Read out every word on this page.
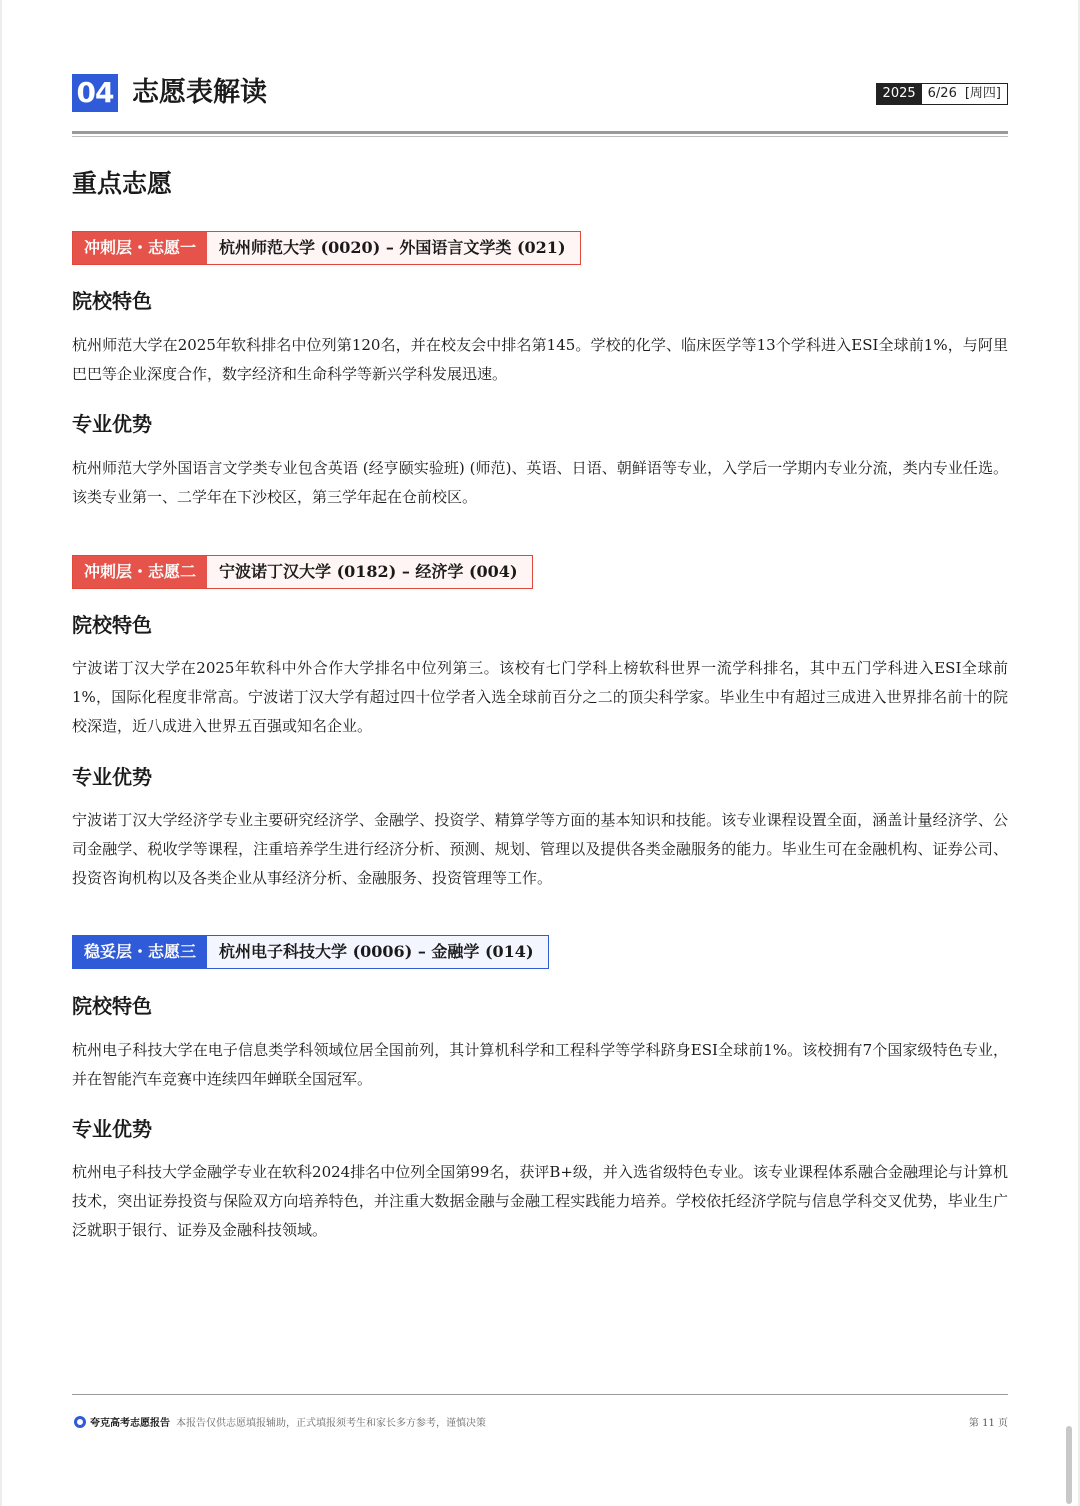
04 志愿表解读	2025 6/26 [周四]
重点志愿
冲刺层・志愿一	杭州师范大学 (0020) – 外国语言文学类 (021)
院校特色

杭州师范大学在2025年软科排名中位列第120名，并在校友会中排名第145。学校的化学、临床医学等13个学科进入ESI全球前1%，与阿里巴巴等企业深度合作，数字经济和生命科学等新兴学科发展迅速。

专业优势

杭州师范大学外国语言文学类专业包含英语 (经亨颐实验班) (师范)、英语、日语、朝鲜语等专业，入学后一学期内专业分流，类内专业任选。该类专业第一、二学年在下沙校区，第三学年起在仓前校区。

冲刺层・志愿二	宁波诺丁汉大学 (0182) – 经济学 (004)
院校特色

宁波诺丁汉大学在2025年软科中外合作大学排名中位列第三。该校有七门学科上榜软科世界一流学科排名，其中五门学科进入ESI全球前1%，国际化程度非常高。宁波诺丁汉大学有超过四十位学者入选全球前百分之二的顶尖科学家。毕业生中有超过三成进入世界排名前十的院校深造，近八成进入世界五百强或知名企业。

专业优势

宁波诺丁汉大学经济学专业主要研究经济学、金融学、投资学、精算学等方面的基本知识和技能。该专业课程设置全面，涵盖计量经济学、公司金融学、税收学等课程，注重培养学生进行经济分析、预测、规划、管理以及提供各类金融服务的能力。毕业生可在金融机构、证券公司、投资咨询机构以及各类企业从事经济分析、金融服务、投资管理等工作。

稳妥层・志愿三	杭州电子科技大学 (0006) – 金融学 (014)
院校特色

杭州电子科技大学在电子信息类学科领域位居全国前列，其计算机科学和工程科学等学科跻身ESI全球前1%。该校拥有7个国家级特色专业，并在智能汽车竞赛中连续四年蝉联全国冠军。

专业优势

杭州电子科技大学金融学专业在软科2024排名中位列全国第99名，获评B+级，并入选省级特色专业。该专业课程体系融合金融理论与计算机技术，突出证券投资与保险双方向培养特色，并注重大数据金融与金融工程实践能力培养。学校依托经济学院与信息学科交叉优势，毕业生广泛就职于银行、证券及金融科技领域。

夸克高考志愿报告 本报告仅供志愿填报辅助，正式填报须考生和家长多方参考，谨慎决策	第 11 页
